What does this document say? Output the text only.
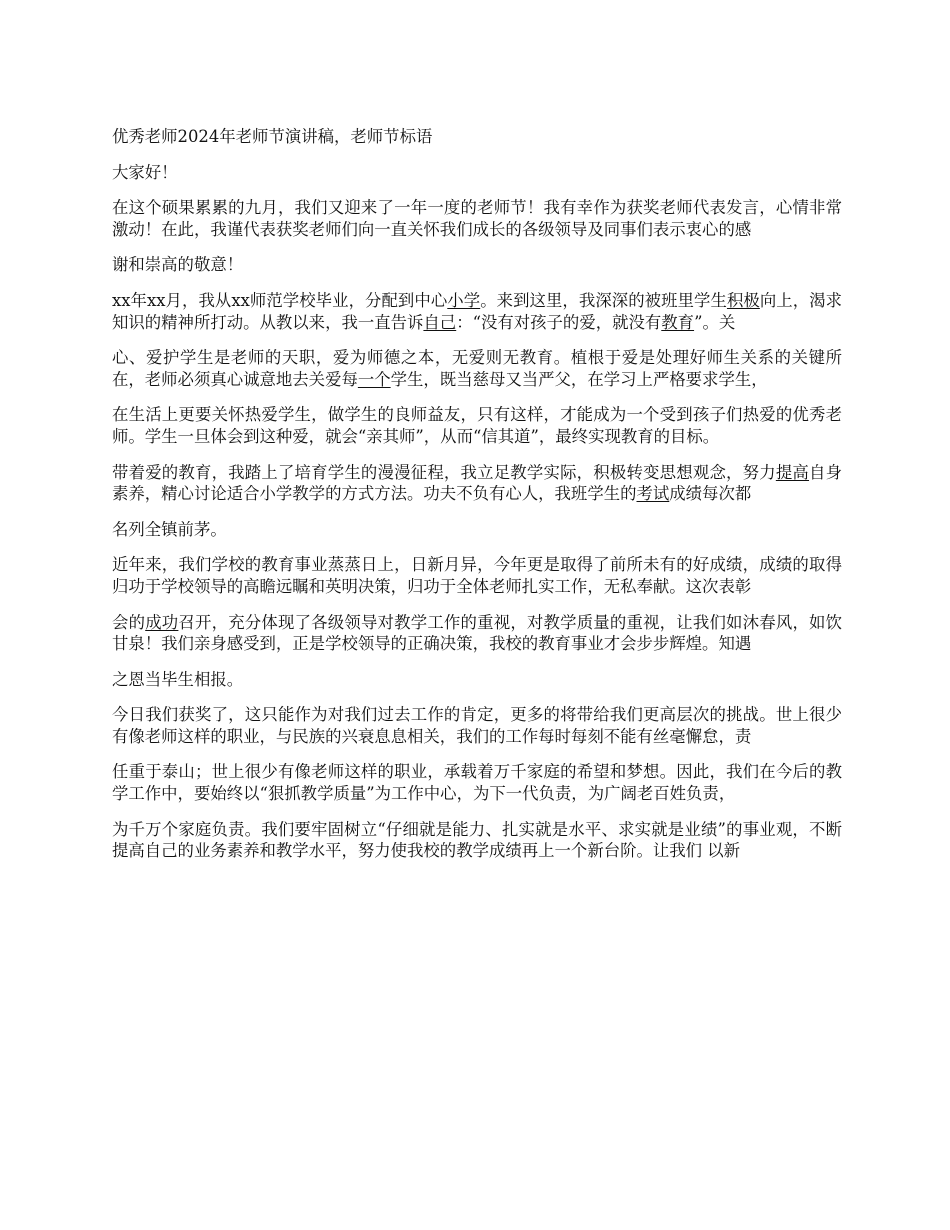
优秀老师2024年老师节演讲稿，老师节标语

大家好！

在这个硕果累累的九月，我们又迎来了一年一度的老师节！我有幸作为获奖老师代表发言，心情非常激动！在此，我谨代表获奖老师们向一直关怀我们成长的各级领导及同事们表示衷心的感

谢和崇高的敬意！

xx年xx月，我从xx师范学校毕业，分配到中心小学。来到这里，我深深的被班里学生积极向上，渴求知识的精神所打动。从教以来，我一直告诉自己：“没有对孩子的爱，就没有教育”。关

心、爱护学生是老师的天职，爱为师德之本，无爱则无教育。植根于爱是处理好师生关系的关键所在，老师必须真心诚意地去关爱每一个学生，既当慈母又当严父，在学习上严格要求学生，

在生活上更要关怀热爱学生，做学生的良师益友，只有这样，才能成为一个受到孩子们热爱的优秀老师。学生一旦体会到这种爱，就会“亲其师”，从而“信其道”，最终实现教育的目标。

带着爱的教育，我踏上了培育学生的漫漫征程，我立足教学实际，积极转变思想观念，努力提高自身素养，精心讨论适合小学教学的方式方法。功夫不负有心人，我班学生的考试成绩每次都

名列全镇前茅。

近年来，我们学校的教育事业蒸蒸日上，日新月异，今年更是取得了前所未有的好成绩，成绩的取得归功于学校领导的高瞻远瞩和英明决策，归功于全体老师扎实工作，无私奉献。这次表彰

会的成功召开，充分体现了各级领导对教学工作的重视，对教学质量的重视，让我们如沐春风，如饮甘泉！我们亲身感受到，正是学校领导的正确决策，我校的教育事业才会步步辉煌。知遇

之恩当毕生相报。

今日我们获奖了，这只能作为对我们过去工作的肯定，更多的将带给我们更高层次的挑战。世上很少有像老师这样的职业，与民族的兴衰息息相关，我们的工作每时每刻不能有丝毫懈怠，责

任重于泰山；世上很少有像老师这样的职业，承载着万千家庭的希望和梦想。因此，我们在今后的教学工作中，要始终以“狠抓教学质量”为工作中心，为下一代负责，为广阔老百姓负责，

为千万个家庭负责。我们要牢固树立“仔细就是能力、扎实就是水平、求实就是业绩”的事业观，不断提高自己的业务素养和教学水平，努力使我校的教学成绩再上一个新台阶。让我们 以新
